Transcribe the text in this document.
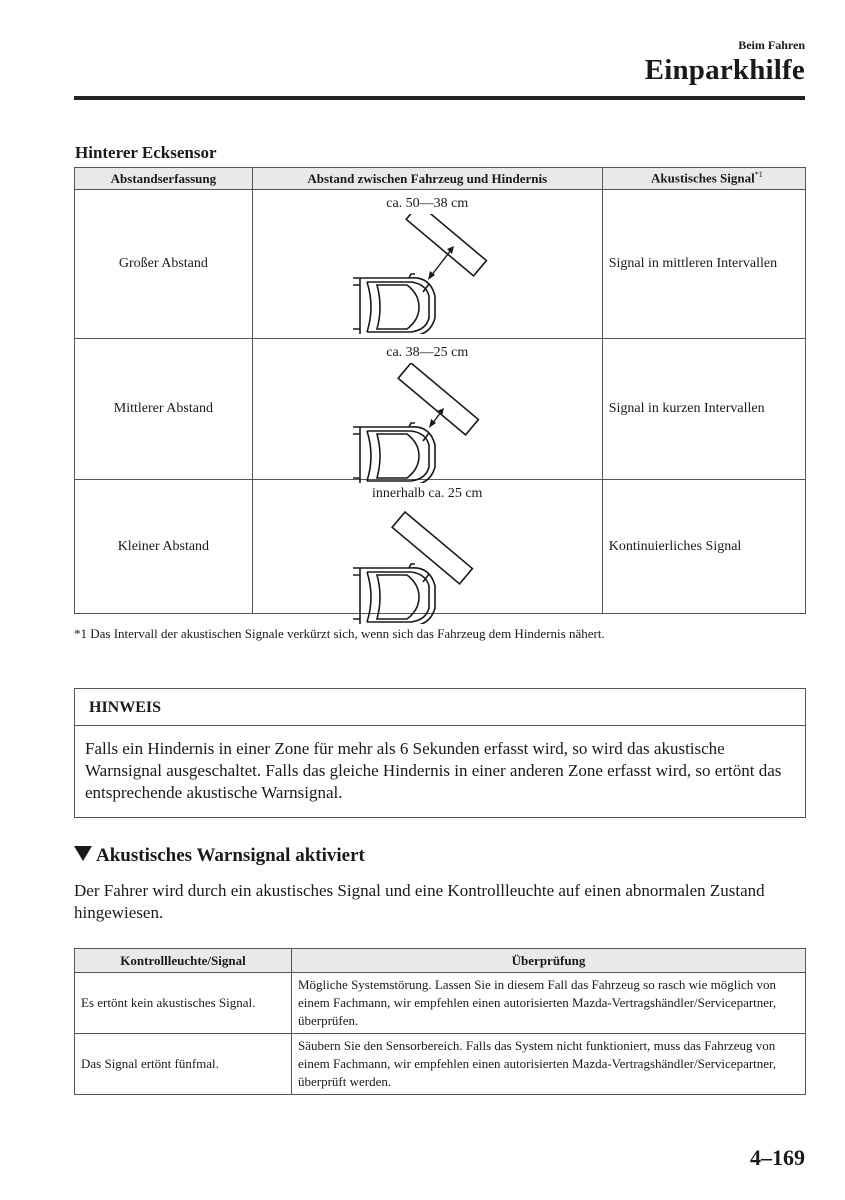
Beim Fahren
Einparkhilfe
Hinterer Ecksensor
Abstandserfassung	Abstand zwischen Fahrzeug und Hindernis	Akustisches Signal$^{*1}$
Großer Abstand	ca. 50—38 cm	Signal in mittleren Intervallen
Mittlerer Abstand	ca. 38—25 cm	Signal in kurzen Intervallen
Kleiner Abstand	innerhalb ca. 25 cm	Kontinuierliches Signal
*1 Das Intervall der akustischen Signale verkürzt sich, wenn sich das Fahrzeug dem Hindernis nähert.
HINWEIS
Falls ein Hindernis in einer Zone für mehr als 6 Sekunden erfasst wird, so wird das akustische Warnsignal ausgeschaltet. Falls das gleiche Hindernis in einer anderen Zone erfasst wird, so ertönt das entsprechende akustische Warnsignal.
Akustisches Warnsignal aktiviert
Der Fahrer wird durch ein akustisches Signal und eine Kontrollleuchte auf einen abnormalen Zustand hingewiesen.
Kontrollleuchte/Signal	Überprüfung
Es ertönt kein akustisches Signal.	Mögliche Systemstörung. Lassen Sie in diesem Fall das Fahrzeug so rasch wie möglich von einem Fachmann, wir empfehlen einen autorisierten Mazda-Vertragshändler/Servicepartner, überprüfen.
Das Signal ertönt fünfmal.	Säubern Sie den Sensorbereich. Falls das System nicht funktioniert, muss das Fahrzeug von einem Fachmann, wir empfehlen einen autorisierten Mazda-Vertragshändler/Servicepartner, überprüft werden.
4–169
